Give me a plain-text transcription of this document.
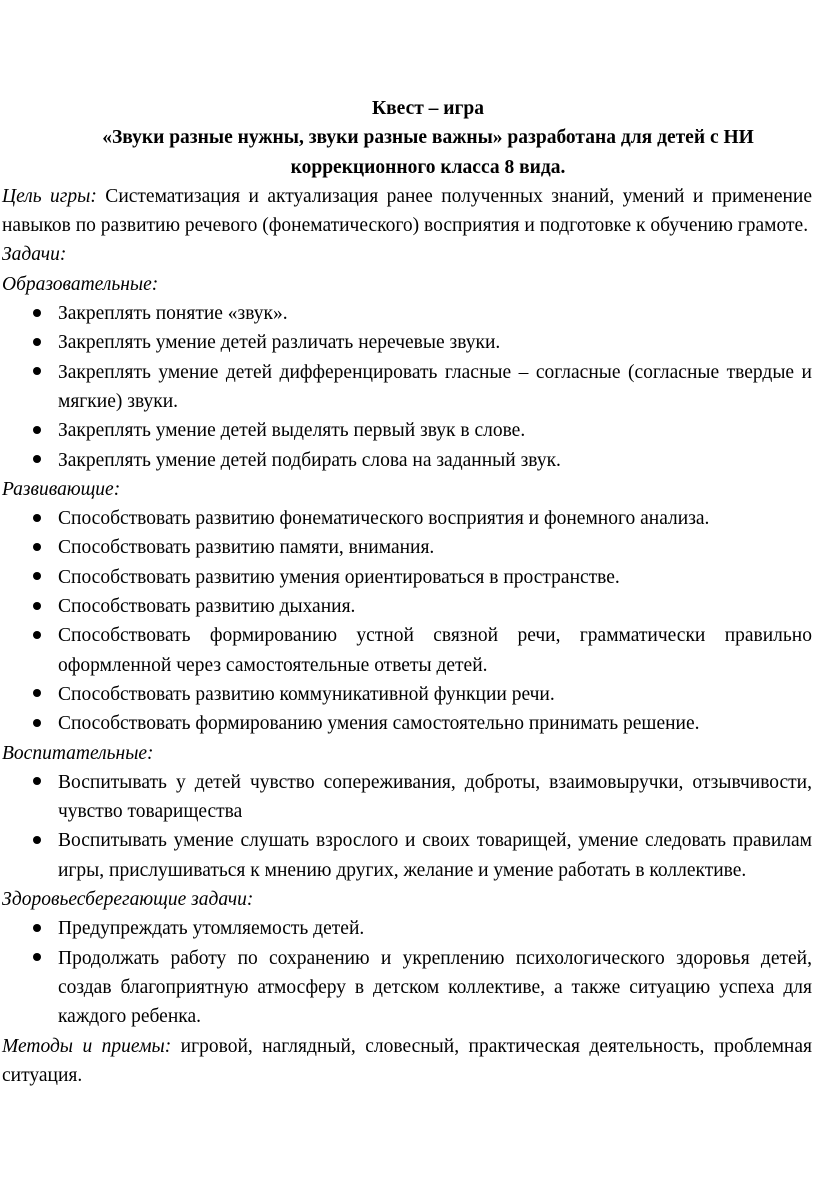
Квест – игра

«Звуки разные нужны, звуки разные важны» разработана для детей с НИ

коррекционного класса 8 вида.

Цель игры: Систематизация и актуализация ранее полученных знаний, умений и применение навыков по развитию речевого (фонематического) восприятия и подготовке к обучению грамоте.

Задачи:

Образовательные:

Закреплять понятие «звук».
Закреплять умение детей различать неречевые звуки.
Закреплять умение детей дифференцировать гласные – согласные (согласные твердые и мягкие) звуки.
Закреплять умение детей выделять первый звук в слове.
Закреплять умение детей подбирать слова на заданный звук.

Развивающие:

Способствовать развитию фонематического восприятия и фонемного анализа.
Способствовать развитию памяти, внимания.
Способствовать развитию умения ориентироваться в пространстве.
Способствовать развитию дыхания.
Способствовать формированию устной связной речи, грамматически правильно оформленной через самостоятельные ответы детей.
Способствовать развитию коммуникативной функции речи.
Способствовать формированию умения самостоятельно принимать решение.

Воспитательные:

Воспитывать у детей чувство сопереживания, доброты, взаимовыручки, отзывчивости, чувство товарищества
Воспитывать умение слушать взрослого и своих товарищей, умение следовать правилам игры, прислушиваться к мнению других, желание и умение работать в коллективе.

Здоровьесберегающие задачи:

Предупреждать утомляемость детей.
Продолжать работу по сохранению и укреплению психологического здоровья детей, создав благоприятную атмосферу в детском коллективе, а также ситуацию успеха для каждого ребенка.

Методы и приемы: игровой, наглядный, словесный, практическая деятельность, проблемная ситуация.
